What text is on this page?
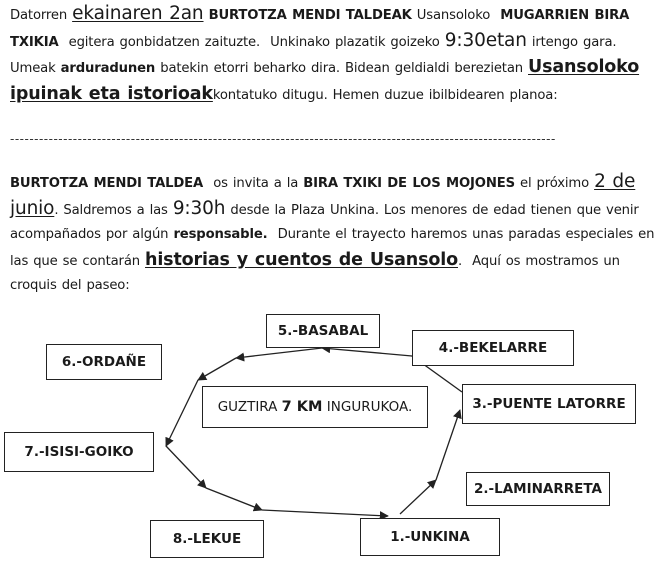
Datorren ekainaren 2an BURTOTZA MENDI TALDEAK Usansoloko MUGARRIEN BIRA TXIKIA egitera gonbidatzen zaituzte. Unkinako plazatik goizeko 9:30etan irtengo gara. Umeak arduradunen batekin etorri beharko dira. Bidean geldialdi berezietan Usansoloko ipuinak eta istorioakkontatuko ditugu. Hemen duzue ibilbidearen planoa:
-----------------------------------------------------------------------------------------------------------------
BURTOTZA MENDI TALDEA os invita a la BIRA TXIKI DE LOS MOJONES el próximo 2 de junio. Saldremos a las 9:30h desde la Plaza Unkina. Los menores de edad tienen que venir acompañados por algún responsable. Durante el trayecto haremos unas paradas especiales en las que se contarán historias y cuentos de Usansolo.  Aquí os mostramos un croquis del paseo:
GUZTIRA
7 KM
INGURUKOA.
5.-BASABAL
4.-BEKELARRE
6.-ORDAÑE
3.-PUENTE LATORRE
7.-ISISI-GOIKO
2.-LAMINARRETA
8.-LEKUE	1.-UNKINA
